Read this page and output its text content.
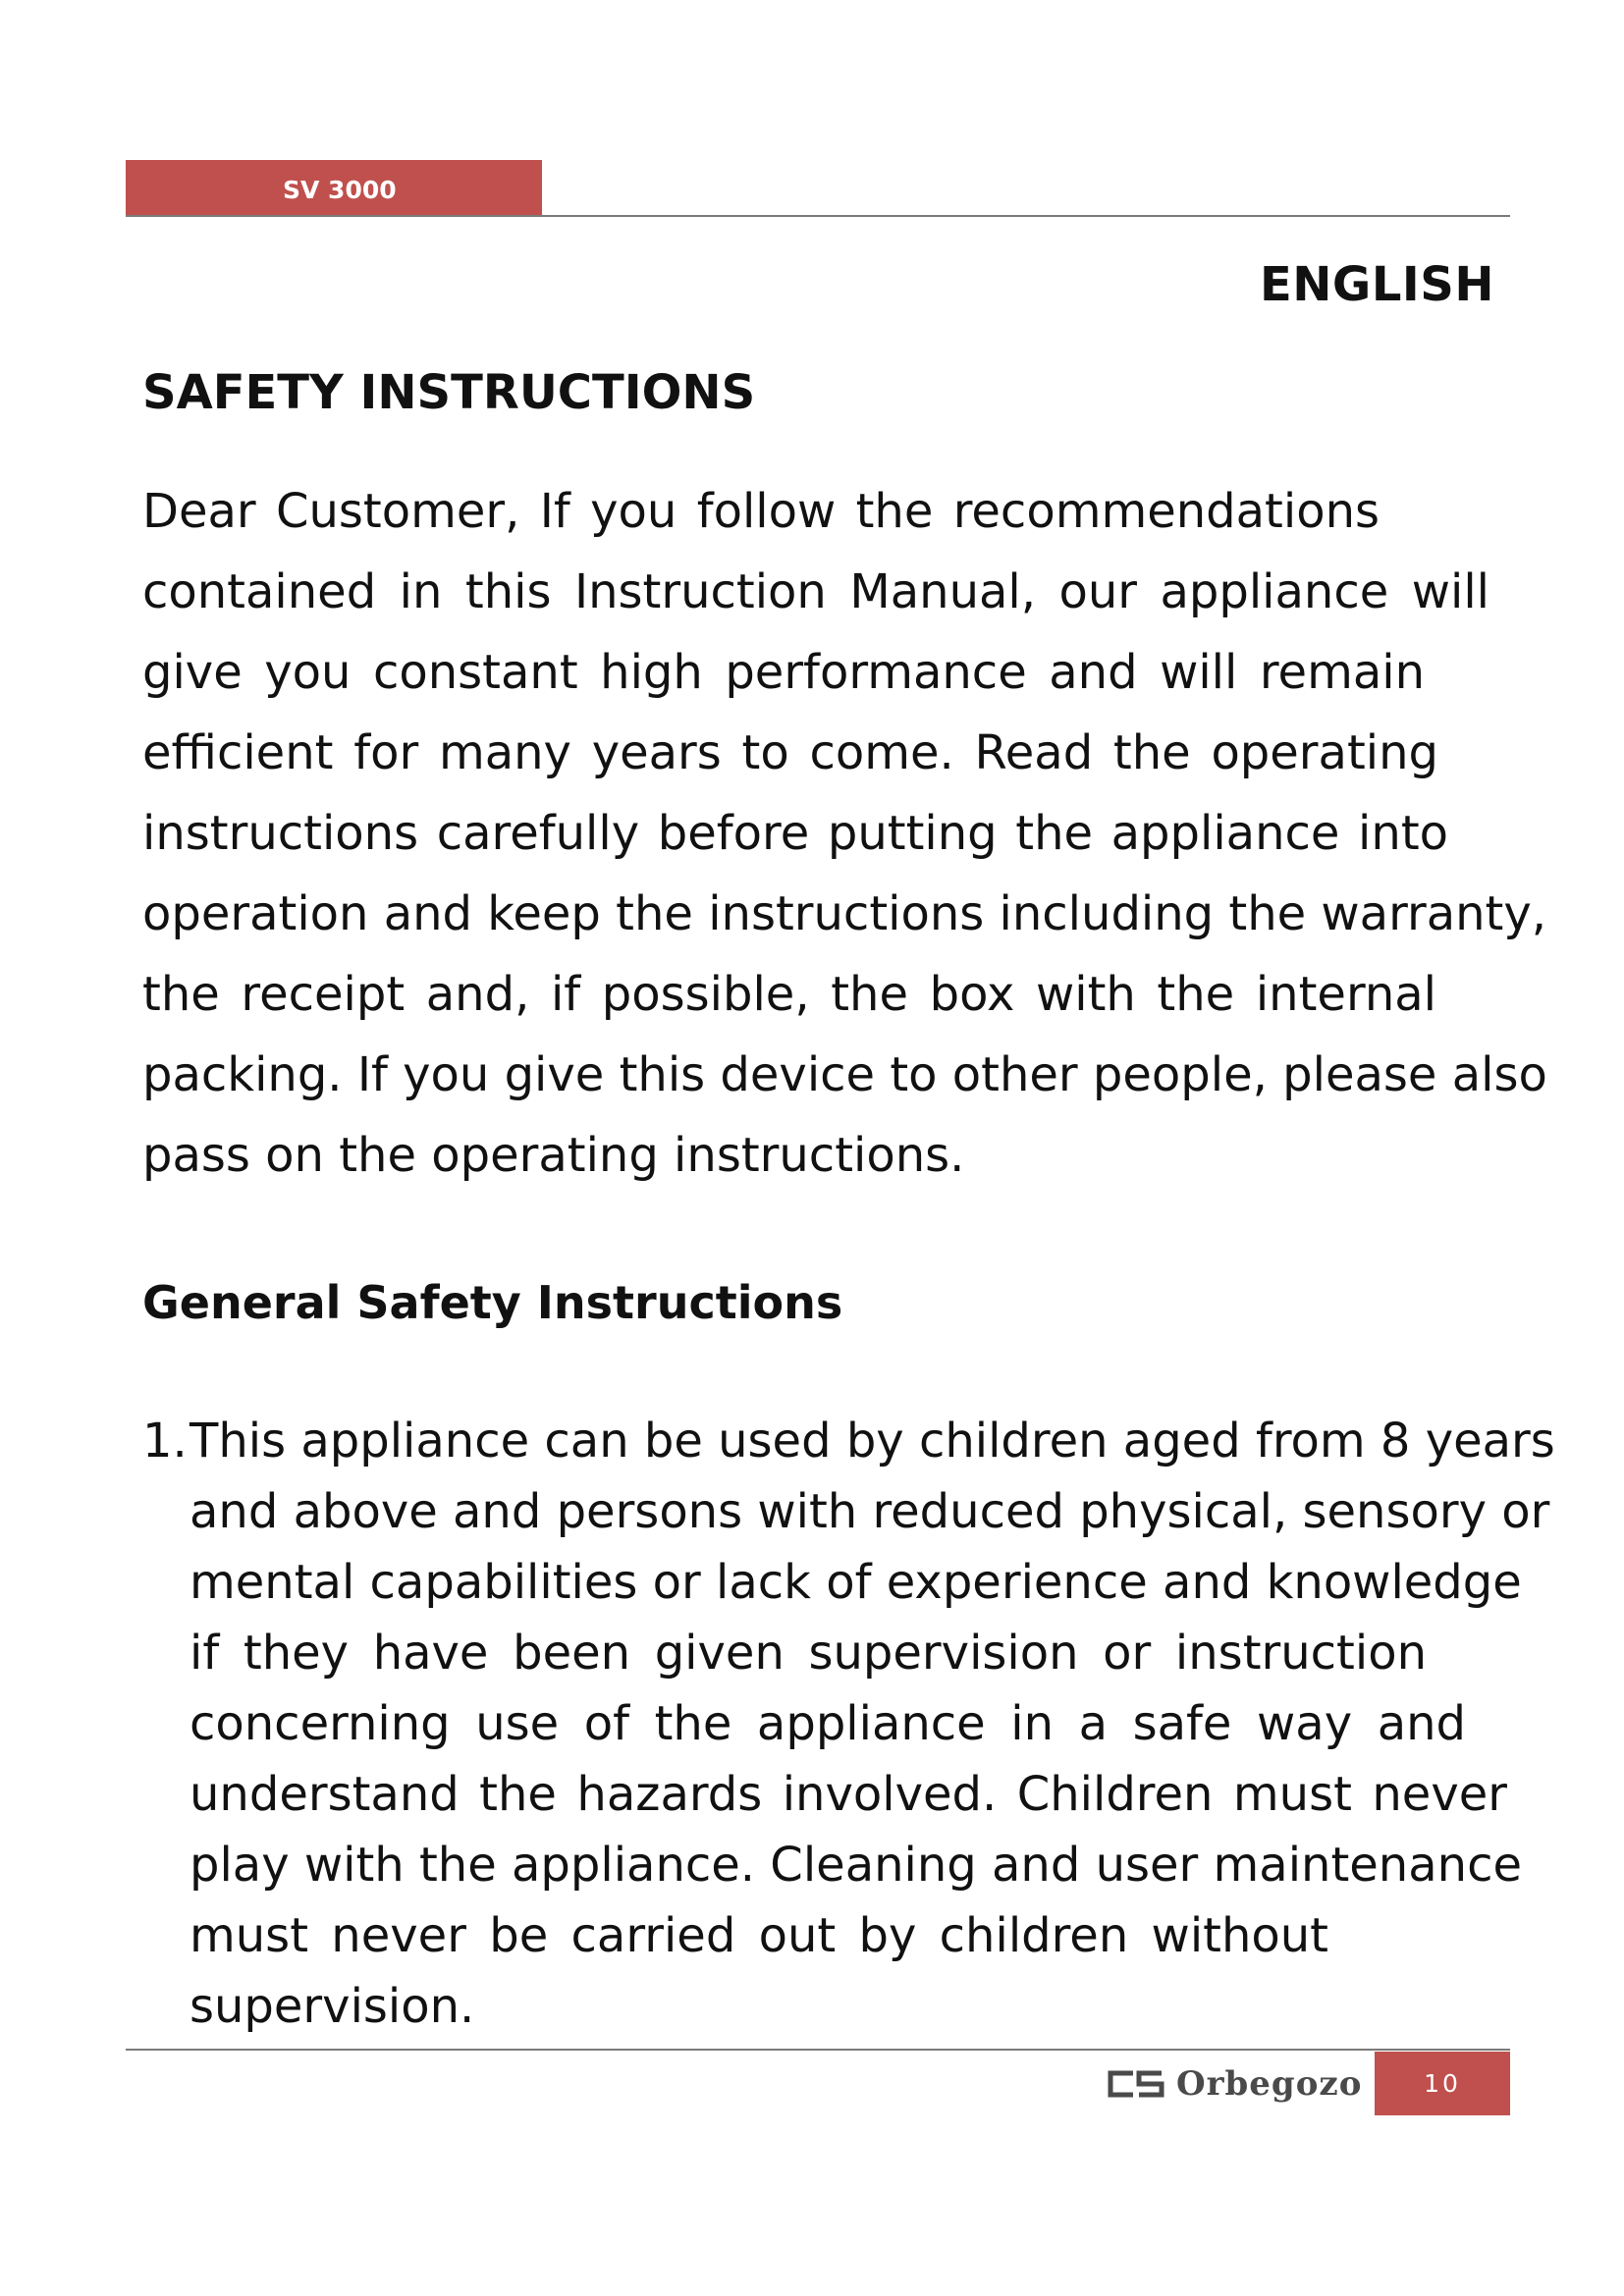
SV 3000
ENGLISH
SAFETY INSTRUCTIONS
Dear Customer, If you follow the recommendations
contained in this Instruction Manual, our appliance will
give you constant high performance and will remain
efficient for many years to come. Read the operating
instructions carefully before putting the appliance into
operation and keep the instructions including the warranty,
the receipt and, if possible, the box with the internal
packing. If you give this device to other people, please also
pass on the operating instructions.
General Safety Instructions
1. This appliance can be used by children aged from 8 years
and above and persons with reduced physical, sensory or
mental capabilities or lack of experience and knowledge
if they have been given supervision or instruction
concerning use of the appliance in a safe way and
understand the hazards involved. Children must never
play with the appliance. Cleaning and user maintenance
must never be carried out by children without
supervision.
Orbegozo	10
